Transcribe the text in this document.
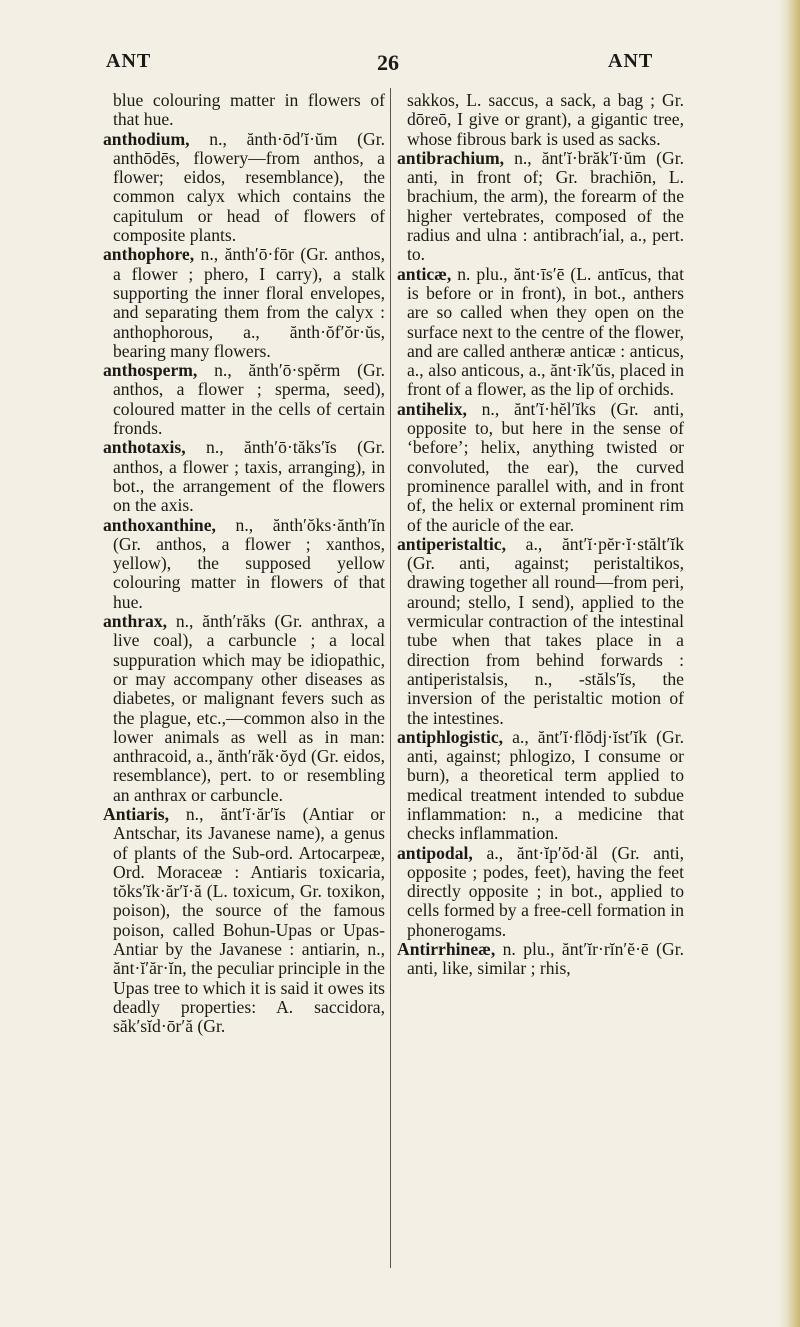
ANT	26	ANT

blue colouring matter in flowers of that hue.

anthodium, n., ănth·ōd′ĭ·ŭm (Gr. anthōdēs, flowery—from anthos, a flower; eidos, resemblance), the common calyx which contains the capitulum or head of flowers of composite plants.

anthophore, n., ănth′ō·fōr (Gr. anthos, a flower ; phero, I carry), a stalk supporting the inner floral envelopes, and separating them from the calyx : anthophorous, a., ănth·ŏf′ŏr·ŭs, bearing many flowers.

anthosperm, n., ănth′ō·spĕrm (Gr. anthos, a flower ; sperma, seed), coloured matter in the cells of certain fronds.

anthotaxis, n., ănth′ō·tăks′ĭs (Gr. anthos, a flower ; taxis, arranging), in bot., the arrangement of the flowers on the axis.

anthoxanthine, n., ănth′ŏks·ănth′ĭn (Gr. anthos, a flower ; xanthos, yellow), the supposed yellow colouring matter in flowers of that hue.

anthrax, n., ănth′răks (Gr. anthrax, a live coal), a carbuncle ; a local suppuration which may be idiopathic, or may accompany other diseases as diabetes, or malignant fevers such as the plague, etc.,—common also in the lower animals as well as in man: anthracoid, a., ănth′răk·ŏyd (Gr. eidos, resemblance), pert. to or resembling an anthrax or carbuncle.

Antiaris, n., ănt′ĭ·ăr′ĭs (Antiar or Antschar, its Javanese name), a genus of plants of the Sub-ord. Artocarpeæ, Ord. Moraceæ : Antiaris toxicaria, tŏks′ĭk·ăr′ĭ·ă (L. toxicum, Gr. toxikon, poison), the source of the famous poison, called Bohun-Upas or Upas-Antiar by the Javanese : antiarin, n., ănt·ĭ′ăr·ĭn, the peculiar principle in the Upas tree to which it is said it owes its deadly properties: A. saccidora, săk′sĭd·ōr′ă (Gr.

sakkos, L. saccus, a sack, a bag ; Gr. dōreō, I give or grant), a gigantic tree, whose fibrous bark is used as sacks.

antibrachium, n., ănt′ĭ·brăk′ĭ·ŭm (Gr. anti, in front of; Gr. brachiōn, L. brachium, the arm), the forearm of the higher vertebrates, composed of the radius and ulna : antibrach′ial, a., pert. to.

anticæ, n. plu., ănt·īs′ē (L. antīcus, that is before or in front), in bot., anthers are so called when they open on the surface next to the centre of the flower, and are called antheræ anticæ : anticus, a., also anticous, a., ănt·īk′ŭs, placed in front of a flower, as the lip of orchids.

antihelix, n., ănt′ĭ·hĕl′ĭks (Gr. anti, opposite to, but here in the sense of ‘before’; helix, anything twisted or convoluted, the ear), the curved prominence parallel with, and in front of, the helix or external prominent rim of the auricle of the ear.

antiperistaltic, a., ănt′ĭ·pĕr·ĭ·stălt′ĭk (Gr. anti, against; peristaltikos, drawing together all round—from peri, around; stello, I send), applied to the vermicular contraction of the intestinal tube when that takes place in a direction from behind forwards : antiperistalsis, n., -stăls′ĭs, the inversion of the peristaltic motion of the intestines.

antiphlogistic, a., ănt′ĭ·flŏdj·ĭst′ĭk (Gr. anti, against; phlogizo, I consume or burn), a theoretical term applied to medical treatment intended to subdue inflammation: n., a medicine that checks inflammation.

antipodal, a., ănt·ĭp′ŏd·ăl (Gr. anti, opposite ; podes, feet), having the feet directly opposite ; in bot., applied to cells formed by a free-cell formation in phonerogams.

Antirrhineæ, n. plu., ănt′ĭr·rĭn′ĕ·ē (Gr. anti, like, similar ; rhis,
